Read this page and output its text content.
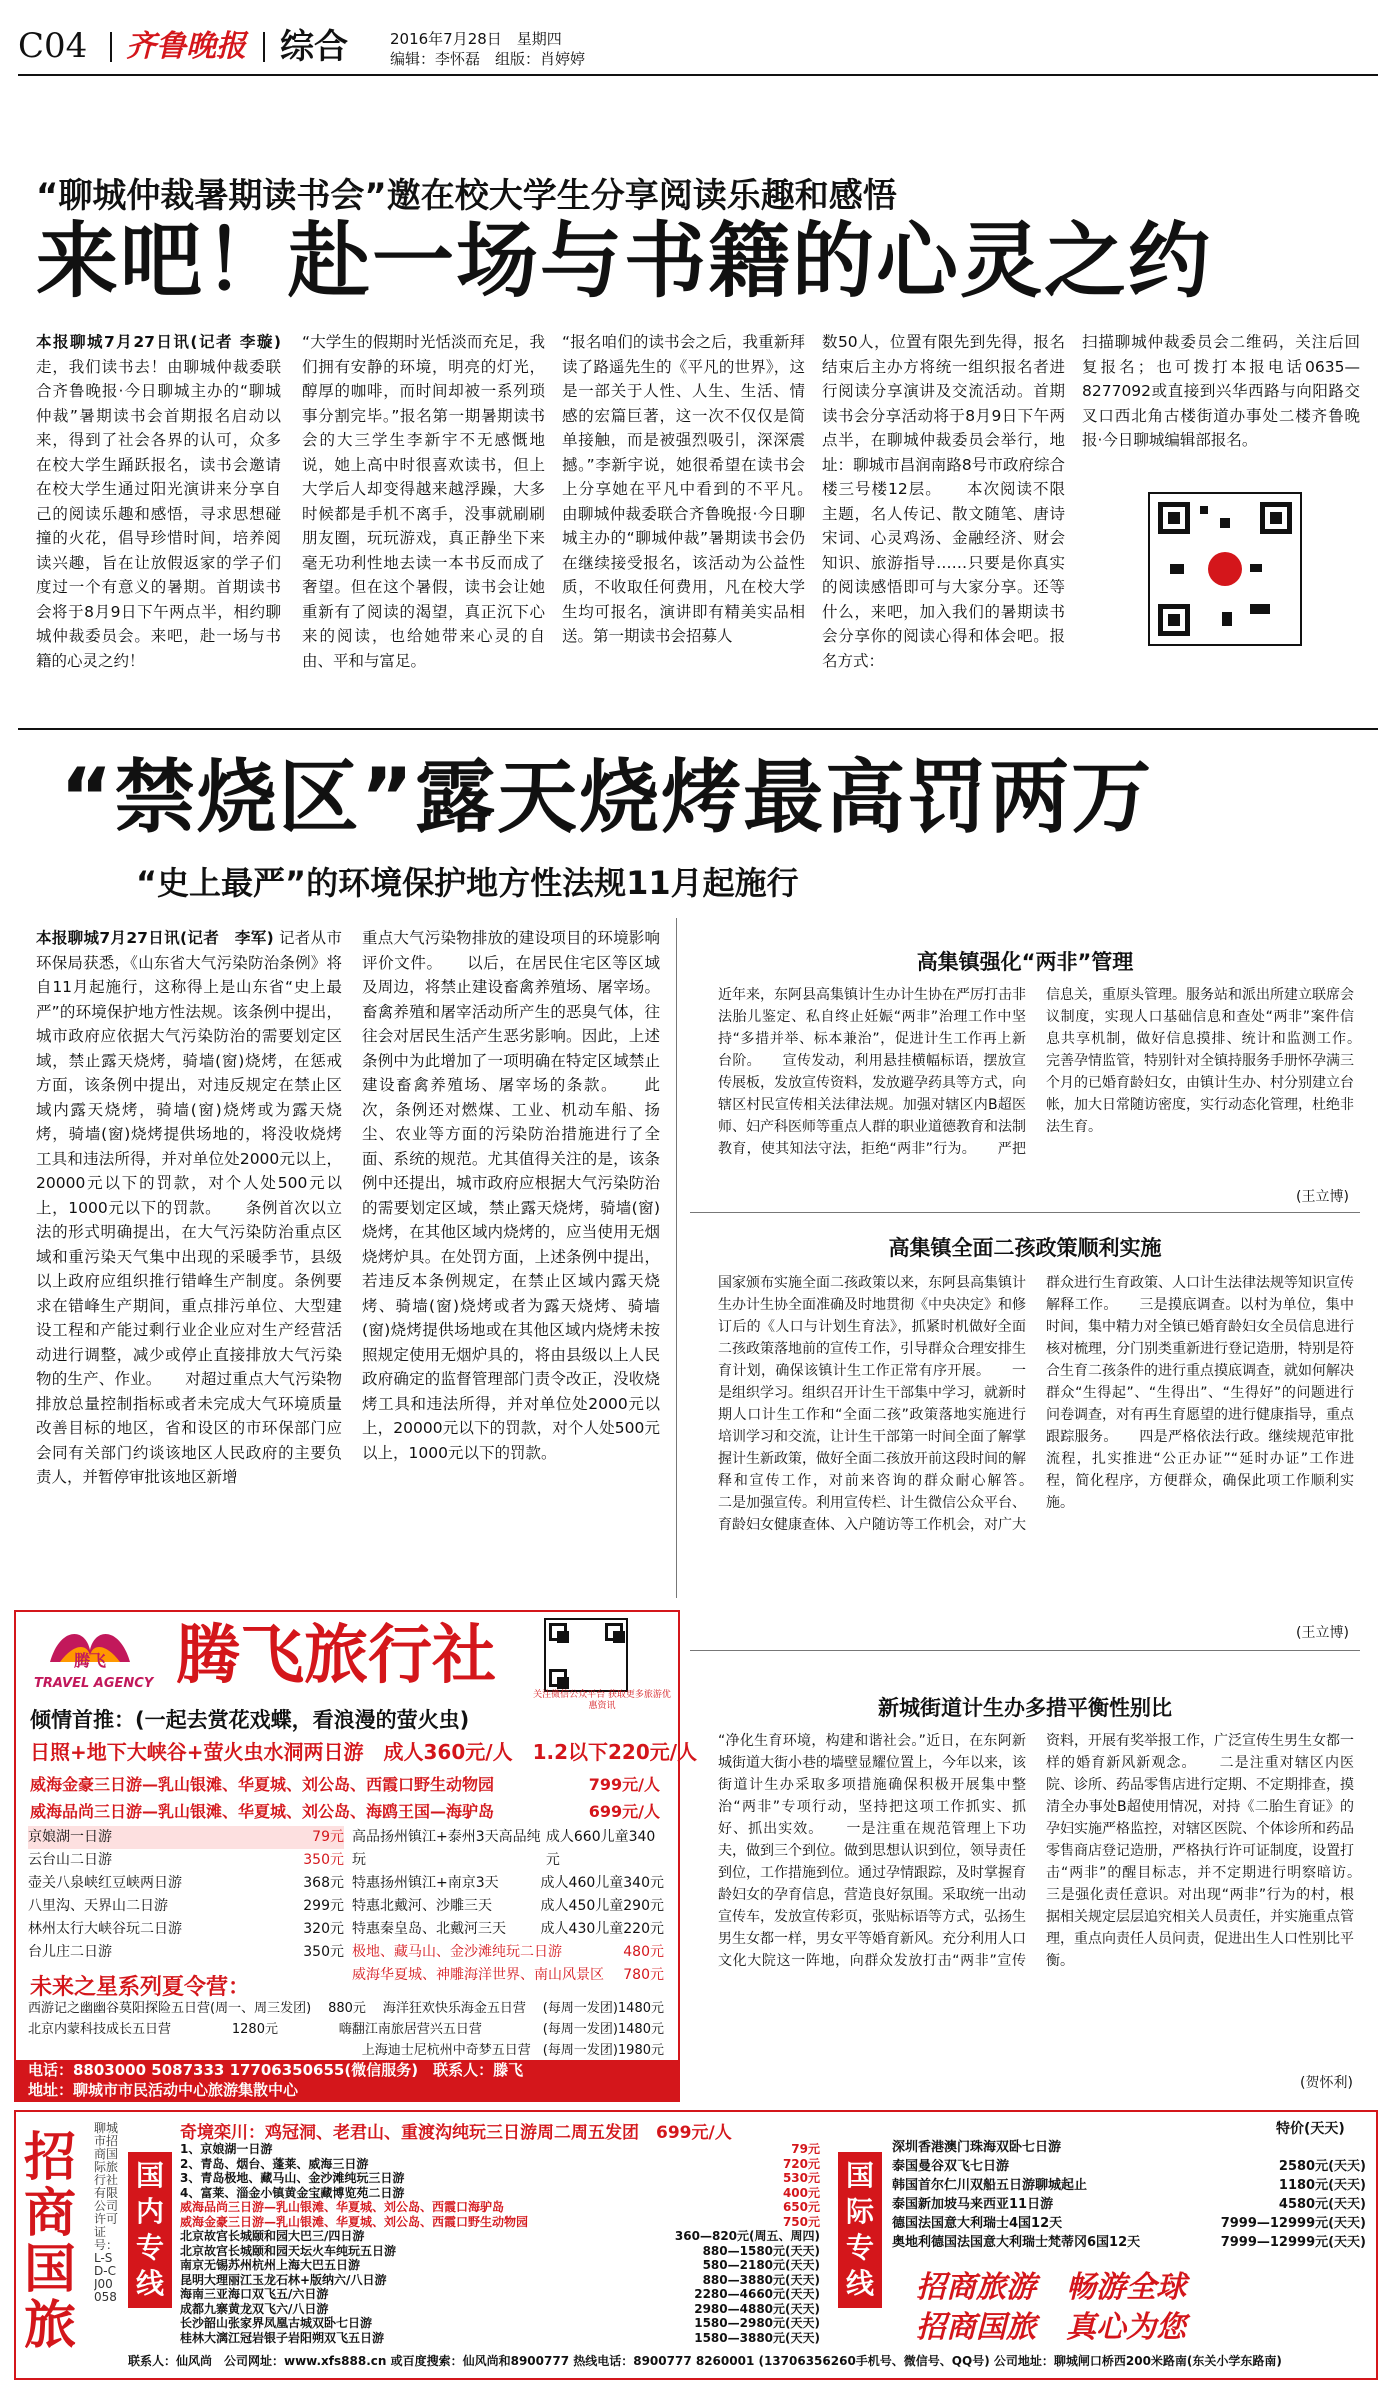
C04 齐鲁晚报 综合	2016年7月28日　星期四
编辑：李怀磊　组版：肖婷婷
“聊城仲裁暑期读书会”邀在校大学生分享阅读乐趣和感悟
来吧！赴一场与书籍的心灵之约
本报聊城7月27日讯(记者 李璇) 走，我们读书去！由聊城仲裁委联合齐鲁晚报·今日聊城主办的“聊城仲裁”暑期读书会首期报名启动以来，得到了社会各界的认可，众多在校大学生踊跃报名，读书会邀请在校大学生通过阳光演讲来分享自己的阅读乐趣和感悟，寻求思想碰撞的火花，倡导珍惜时间，培养阅读兴趣，旨在让放假返家的学子们度过一个有意义的暑期。首期读书会将于8月9日下午两点半，相约聊城仲裁委员会。来吧，赴一场与书籍的心灵之约！
“大学生的假期时光恬淡而充足，我们拥有安静的环境，明亮的灯光，醇厚的咖啡，而时间却被一系列琐事分割完毕。”报名第一期暑期读书会的大三学生李新宇不无感慨地说，她上高中时很喜欢读书，但上大学后人却变得越来越浮躁，大多时候都是手机不离手，没事就刷刷朋友圈，玩玩游戏，真正静坐下来毫无功利性地去读一本书反而成了奢望。但在这个暑假，读书会让她重新有了阅读的渴望，真正沉下心来的阅读，也给她带来心灵的自由、平和与富足。
“报名咱们的读书会之后，我重新拜读了路遥先生的《平凡的世界》，这是一部关于人性、人生、生活、情感的宏篇巨著，这一次不仅仅是简单接触，而是被强烈吸引，深深震撼。”李新宇说，她很希望在读书会上分享她在平凡中看到的不平凡。　　由聊城仲裁委联合齐鲁晚报·今日聊城主办的“聊城仲裁”暑期读书会仍在继续接受报名，该活动为公益性质，不收取任何费用，凡在校大学生均可报名，演讲即有精美实品相送。第一期读书会招募人
数50人，位置有限先到先得，报名结束后主办方将统一组织报名者进行阅读分享演讲及交流活动。首期读书会分享活动将于8月9日下午两点半，在聊城仲裁委员会举行，地址：聊城市昌润南路8号市政府综合楼三号楼12层。　　本次阅读不限主题，名人传记、散文随笔、唐诗宋词、心灵鸡汤、金融经济、财会知识、旅游指导……只要是你真实的阅读感悟即可与大家分享。还等什么，来吧，加入我们的暑期读书会分享你的阅读心得和体会吧。报名方式：
扫描聊城仲裁委员会二维码，关注后回复报名；也可拨打本报电话0635—8277092或直接到兴华西路与向阳路交叉口西北角古楼街道办事处二楼齐鲁晚报·今日聊城编辑部报名。
“禁烧区”露天烧烤最高罚两万
“史上最严”的环境保护地方性法规11月起施行
本报聊城7月27日讯(记者　李军) 记者从市环保局获悉，《山东省大气污染防治条例》将自11月起施行，这称得上是山东省“史上最严”的环境保护地方性法规。该条例中提出，城市政府应依据大气污染防治的需要划定区域，禁止露天烧烤，骑墙(窗)烧烤，在惩戒方面，该条例中提出，对违反规定在禁止区域内露天烧烤，骑墙(窗)烧烤或为露天烧烤，骑墙(窗)烧烤提供场地的，将没收烧烤工具和违法所得，并对单位处2000元以上，20000元以下的罚款，对个人处500元以上，1000元以下的罚款。　　条例首次以立法的形式明确提出，在大气污染防治重点区域和重污染天气集中出现的采暖季节，县级以上政府应组织推行错峰生产制度。条例要求在错峰生产期间，重点排污单位、大型建设工程和产能过剩行业企业应对生产经营活动进行调整，减少或停止直接排放大气污染物的生产、作业。　　对超过重点大气污染物排放总量控制指标或者未完成大气环境质量改善目标的地区，省和设区的市环保部门应会同有关部门约谈该地区人民政府的主要负责人，并暂停审批该地区新增
重点大气污染物排放的建设项目的环境影响评价文件。　　以后，在居民住宅区等区域及周边，将禁止建设畜禽养殖场、屠宰场。畜禽养殖和屠宰活动所产生的恶臭气体，往往会对居民生活产生恶劣影响。因此，上述条例中为此增加了一项明确在特定区域禁止建设畜禽养殖场、屠宰场的条款。　　此次，条例还对燃煤、工业、机动车船、扬尘、农业等方面的污染防治措施进行了全面、系统的规范。尤其值得关注的是，该条例中还提出，城市政府应根据大气污染防治的需要划定区域，禁止露天烧烤，骑墙(窗)烧烤，在其他区域内烧烤的，应当使用无烟烧烤炉具。在处罚方面，上述条例中提出，若违反本条例规定，在禁止区域内露天烧烤、骑墙(窗)烧烤或者为露天烧烤、骑墙(窗)烧烤提供场地或在其他区域内烧烤未按照规定使用无烟炉具的，将由县级以上人民政府确定的监督管理部门责令改正，没收烧烤工具和违法所得，并对单位处2000元以上，20000元以下的罚款，对个人处500元以上，1000元以下的罚款。
高集镇强化“两非”管理
近年来，东阿县高集镇计生办计生协在严厉打击非法胎儿鉴定、私自终止妊娠“两非”治理工作中坚持“多措并举、标本兼治”，促进计生工作再上新台阶。　　宣传发动，利用悬挂横幅标语，摆放宣传展板，发放宣传资料，发放避孕药具等方式，向辖区村民宣传相关法律法规。加强对辖区内B超医师、妇产科医师等重点人群的职业道德教育和法制教育，使其知法守法，拒绝“两非”行为。　　严把信息关，重原头管理。服务站和派出所建立联席会议制度，实现人口基础信息和查处“两非”案件信息共享机制，做好信息摸排、统计和监测工作。　　完善孕情监管，特别针对全镇持服务手册怀孕满三个月的已婚育龄妇女，由镇计生办、村分别建立台帐，加大日常随访密度，实行动态化管理，杜绝非法生育。
(王立博)
高集镇全面二孩政策顺利实施
国家颁布实施全面二孩政策以来，东阿县高集镇计生办计生协全面准确及时地贯彻《中央决定》和修订后的《人口与计划生育法》，抓紧时机做好全面二孩政策落地前的宣传工作，引导群众合理安排生育计划，确保该镇计生工作正常有序开展。　　一是组织学习。组织召开计生干部集中学习，就新时期人口计生工作和“全面二孩”政策落地实施进行培训学习和交流，让计生干部第一时间全面了解掌握计生新政策，做好全面二孩放开前这段时间的解释和宣传工作，对前来咨询的群众耐心解答。　　二是加强宣传。利用宣传栏、计生微信公众平台、育龄妇女健康查体、入户随访等工作机会，对广大群众进行生育政策、人口计生法律法规等知识宣传解释工作。　　三是摸底调查。以村为单位，集中时间，集中精力对全镇已婚育龄妇女全员信息进行核对梳理，分门别类重新进行登记造册，特别是符合生育二孩条件的进行重点摸底调查，就如何解决群众“生得起”、“生得出”、“生得好”的问题进行问卷调查，对有再生育愿望的进行健康指导，重点跟踪服务。　　四是严格依法行政。继续规范审批流程，扎实推进“公正办证”“延时办证”工作进程，简化程序，方便群众，确保此项工作顺利实施。
(王立博)
新城街道计生办多措平衡性别比
“净化生育环境，构建和谐社会。”近日，在东阿新城街道大街小巷的墙壁显耀位置上，今年以来，该街道计生办采取多项措施确保积极开展集中整治“两非”专项行动，坚持把这项工作抓实、抓好、抓出实效。　　一是注重在规范管理上下功夫，做到三个到位。做到思想认识到位，领导责任到位，工作措施到位。通过孕情跟踪，及时掌握育龄妇女的孕育信息，营造良好氛围。采取统一出动宣传车，发放宣传彩页，张贴标语等方式，弘扬生男生女都一样，男女平等婚育新风。充分利用人口文化大院这一阵地，向群众发放打击“两非”宣传资料，开展有奖举报工作，广泛宣传生男生女都一样的婚育新风新观念。　　二是注重对辖区内医院、诊所、药品零售店进行定期、不定期排查，摸清全办事处B超使用情况，对持《二胎生育证》的孕妇实施严格监控，对辖区医院、个体诊所和药品零售商店登记造册，严格执行许可证制度，设置打击“两非”的醒目标志，并不定期进行明察暗访。　　三是强化责任意识。对出现“两非”行为的村，根据相关规定层层追究相关人员责任，并实施重点管理，重点向责任人员问责，促进出生人口性别比平衡。
(贺怀利)
腾飞
TRAVEL AGENCY 腾飞旅行社
关注微信公众平台 获取更多旅游优惠资讯
倾情首推：(一起去赏花戏蝶，看浪漫的萤火虫)
日照+地下大峡谷+萤火虫水洞两日游　成人360元/人　1.2以下220元/人
威海金豪三日游—乳山银滩、华夏城、刘公岛、西霞口野生动物园	799元/人
威海品尚三日游—乳山银滩、华夏城、刘公岛、海鸥王国—海驴岛	699元/人
京娘湖一日游	79元
云台山二日游	350元
壶关八泉峡红豆峡两日游	368元
八里沟、天界山二日游	299元
林州太行大峡谷玩二日游	320元
台儿庄二日游	350元
高品扬州镇江+泰州3天高品纯玩
成人660儿童340元
特惠扬州镇江+南京3天	成人460儿童340元
特惠北戴河、沙雕三天	成人450儿童290元
特惠秦皇岛、北戴河三天 成人430儿童220元
极地、藏马山、金沙滩纯玩二日游	480元
威海华夏城、神雕海洋世界、南山风景区 780元
未来之星系列夏令营：
西游记之幽幽谷莫阳探险五日营(周一、周三发团) 880元 海洋狂欢快乐海金五日营 (每周一发团)1480元
北京内蒙科技成长五日营	1280元	嗨翻江南旅居营兴五日营	(每周一发团)1480元
上海迪士尼杭州中奇梦五日营 (每周一发团)1980元
电话：8803000 5087333 17706350655(微信服务)　联系人：滕飞
地址：聊城市市民活动中心旅游集散中心
招商国旅
聊城市招商国际旅行社有限公司　许可证号：L-SD-CJ00058
国内专线
奇境栾川：鸡冠洞、老君山、重渡沟纯玩三日游周二周五发团　699元/人
1、京娘湖一日游	79元
2、青岛、烟台、蓬莱、威海三日游	720元
3、青岛极地、藏马山、金沙滩纯玩三日游	530元
4、富莱、淄金小镇黄金宝藏博览苑二日游	400元
威海品尚三日游—乳山银滩、华夏城、刘公岛、西霞口海驴岛	650元
威海金豪三日游—乳山银滩、华夏城、刘公岛、西霞口野生动物园	750元
北京故宫长城颐和园大巴三/四日游	360—820元(周五、周四)
北京故宫长城颐和园天坛火车纯玩五日游	880—1580元(天天)
南京无锡苏州杭州上海大巴五日游	580—2180元(天天)
昆明大理丽江玉龙石林+版纳六/八日游	880—3880元(天天)
海南三亚海口双飞五/六日游	2280—4660元(天天)
成都九寨黄龙双飞六/八日游	2980—4880元(天天)
长沙韶山张家界凤凰古城双卧七日游	1580—2980元(天天)
桂林大漓江冠岩银子岩阳朔双飞五日游	1580—3880元(天天)
国际专线
特价(天天)
深圳香港澳门珠海双卧七日游
泰国曼谷双飞七日游	2580元(天天)
韩国首尔仁川双船五日游聊城起止	1180元(天天)
泰国新加坡马来西亚11日游	4580元(天天)
德国法国意大利瑞士4国12天	7999—12999元(天天)
奥地利德国法国意大利瑞士梵蒂冈6国12天	7999—12999元(天天)
招商旅游　畅游全球
招商国旅　真心为您
联系人：仙风尚　公司网址：www.xfs888.cn 或百度搜索：仙风尚和8900777 热线电话：8900777 8260001 (13706356260手机号、微信号、QQ号) 公司地址：聊城闸口桥西200米路南(东关小学东路南)
